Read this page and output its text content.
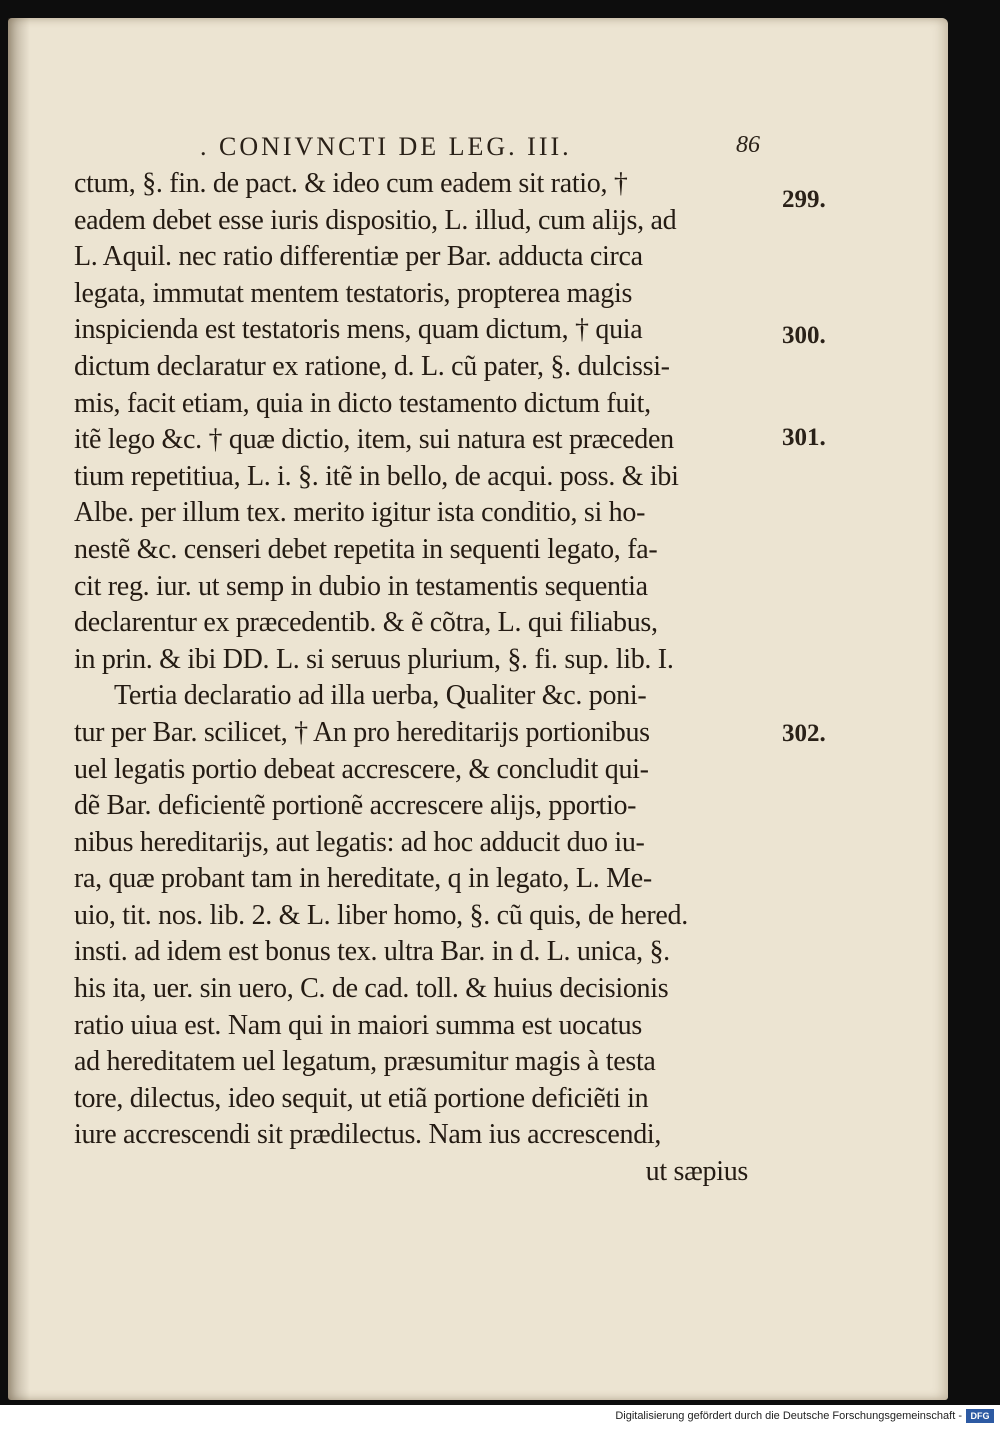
. CONIVNCTI DE LEG. III.	86
ctum, §. fin. de pact. & ideo cum eadem sit ratio, †
eadem debet esse iuris dispositio, L. illud, cum alijs, ad
L. Aquil. nec ratio differentiæ per Bar. adducta circa
legata, immutat mentem testatoris, propterea magis
inspicienda est testatoris mens, quam dictum, † quia
dictum declaratur ex ratione, d. L. cũ pater, §. dulcissi-
mis, facit etiam, quia in dicto testamento dictum fuit,
itẽ lego &c. † quæ dictio, item, sui natura est præceden
tium repetitiua, L. i. §. itẽ in bello, de acqui. poss. & ibi
Albe. per illum tex. merito igitur ista conditio, si ho-
nestẽ &c. censeri debet repetita in sequenti legato, fa-
cit reg. iur. ut semp in dubio in testamentis sequentia
declarentur ex præcedentib. & ẽ cõtra, L. qui filiabus,
in prin. & ibi DD. L. si seruus plurium, §. fi. sup. lib. I.
Tertia declaratio ad illa uerba, Qualiter &c. poni-
tur per Bar. scilicet, † An pro hereditarijs portionibus
uel legatis portio debeat accrescere, & concludit qui-
dẽ Bar. deficientẽ portionẽ accrescere alijs, pportio-
nibus hereditarijs, aut legatis: ad hoc adducit duo iu-
ra, quæ probant tam in hereditate, q in legato, L. Me-
uio, tit. nos. lib. 2. & L. liber homo, §. cũ quis, de hered.
insti. ad idem est bonus tex. ultra Bar. in d. L. unica, §.
his ita, uer. sin uero, C. de cad. toll. & huius decisionis
ratio uiua est. Nam qui in maiori summa est uocatus
ad hereditatem uel legatum, præsumitur magis à testa
tore, dilectus, ideo sequit, ut etiã portione deficiẽti in
iure accrescendi sit prædilectus. Nam ius accrescendi,
ut sæpius
299.
300.
301.
302.
Digitalisierung gefördert durch die Deutsche Forschungsgemeinschaft - DFG
